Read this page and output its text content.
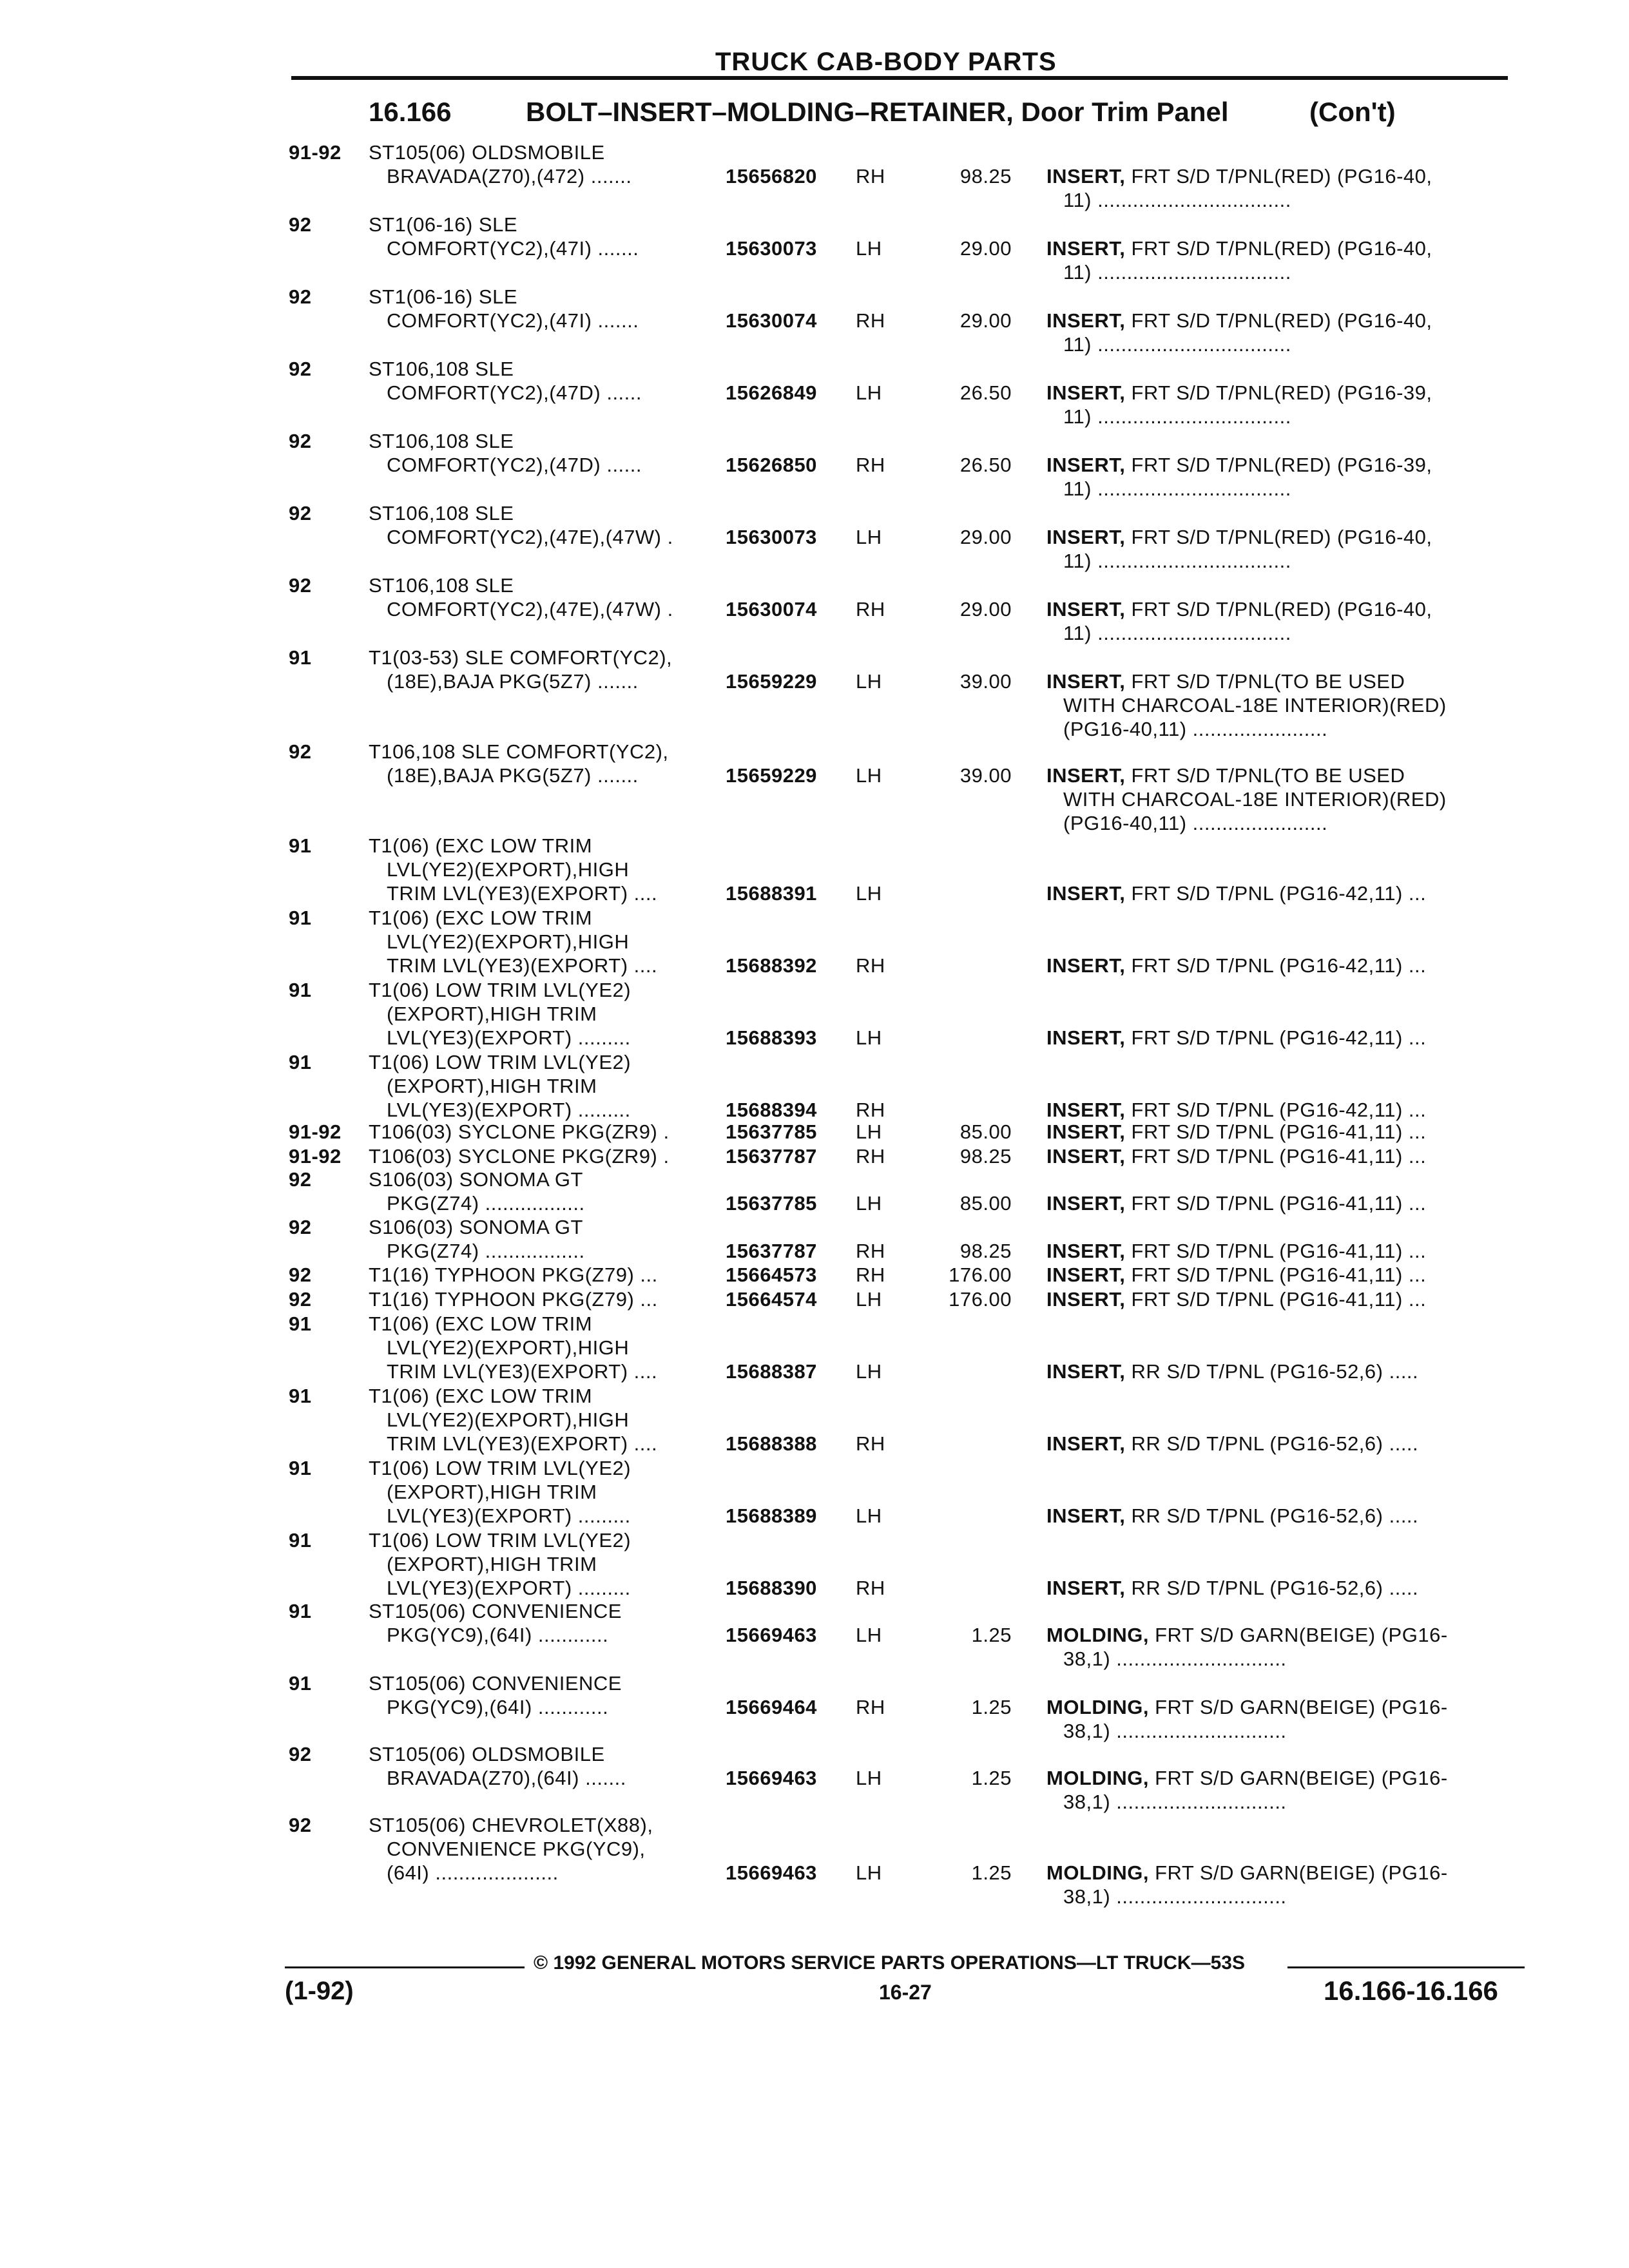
TRUCK CAB-BODY PARTS
16.166	BOLT–INSERT–MOLDING–RETAINER, Door Trim Panel	(Con't)
91-92 ST105(06) OLDSMOBILE
BRAVADA(Z70),(472) .......	15656820 RH	98.25 INSERT, FRT S/D T/PNL(RED) (PG16-40,
11) .................................
92	ST1(06-16) SLE
COMFORT(YC2),(47I) .......	15630073 LH	29.00 INSERT, FRT S/D T/PNL(RED) (PG16-40,
11) .................................
92	ST1(06-16) SLE
COMFORT(YC2),(47I) .......	15630074 RH	29.00 INSERT, FRT S/D T/PNL(RED) (PG16-40,
11) .................................
92	ST106,108 SLE
COMFORT(YC2),(47D) ......	15626849 LH	26.50 INSERT, FRT S/D T/PNL(RED) (PG16-39,
11) .................................
92	ST106,108 SLE
COMFORT(YC2),(47D) ......	15626850 RH	26.50 INSERT, FRT S/D T/PNL(RED) (PG16-39,
11) .................................
92	ST106,108 SLE
COMFORT(YC2),(47E),(47W) .	15630073 LH	29.00 INSERT, FRT S/D T/PNL(RED) (PG16-40,
11) .................................
92	ST106,108 SLE
COMFORT(YC2),(47E),(47W) .	15630074 RH	29.00 INSERT, FRT S/D T/PNL(RED) (PG16-40,
11) .................................
91	T1(03-53) SLE COMFORT(YC2),
(18E),BAJA PKG(5Z7) .......	15659229 LH	39.00 INSERT, FRT S/D T/PNL(TO BE USED
WITH CHARCOAL-18E INTERIOR)(RED)
(PG16-40,11) .......................
92	T106,108 SLE COMFORT(YC2),
(18E),BAJA PKG(5Z7) .......	15659229 LH	39.00 INSERT, FRT S/D T/PNL(TO BE USED
WITH CHARCOAL-18E INTERIOR)(RED)
(PG16-40,11) .......................
91	T1(06) (EXC LOW TRIM
LVL(YE2)(EXPORT),HIGH
TRIM LVL(YE3)(EXPORT) ....	15688391 LH	INSERT, FRT S/D T/PNL (PG16-42,11) ...
91	T1(06) (EXC LOW TRIM
LVL(YE2)(EXPORT),HIGH
TRIM LVL(YE3)(EXPORT) ....	15688392 RH	INSERT, FRT S/D T/PNL (PG16-42,11) ...
91	T1(06) LOW TRIM LVL(YE2)
(EXPORT),HIGH TRIM
LVL(YE3)(EXPORT) .........	15688393 LH	INSERT, FRT S/D T/PNL (PG16-42,11) ...
91	T1(06) LOW TRIM LVL(YE2)
(EXPORT),HIGH TRIM
LVL(YE3)(EXPORT) .........	15688394 RH	INSERT, FRT S/D T/PNL (PG16-42,11) ...
91-92 T106(03) SYCLONE PKG(ZR9) .	15637785 LH	85.00 INSERT, FRT S/D T/PNL (PG16-41,11) ...
91-92 T106(03) SYCLONE PKG(ZR9) .	15637787 RH	98.25 INSERT, FRT S/D T/PNL (PG16-41,11) ...
92	S106(03) SONOMA GT
PKG(Z74) .................	15637785 LH	85.00 INSERT, FRT S/D T/PNL (PG16-41,11) ...
92	S106(03) SONOMA GT
PKG(Z74) .................	15637787 RH	98.25 INSERT, FRT S/D T/PNL (PG16-41,11) ...
92	T1(16) TYPHOON PKG(Z79) ...	15664573 RH	176.00 INSERT, FRT S/D T/PNL (PG16-41,11) ...
92	T1(16) TYPHOON PKG(Z79) ...	15664574 LH	176.00 INSERT, FRT S/D T/PNL (PG16-41,11) ...
91	T1(06) (EXC LOW TRIM
LVL(YE2)(EXPORT),HIGH
TRIM LVL(YE3)(EXPORT) ....	15688387 LH	INSERT, RR S/D T/PNL (PG16-52,6) .....
91	T1(06) (EXC LOW TRIM
LVL(YE2)(EXPORT),HIGH
TRIM LVL(YE3)(EXPORT) ....	15688388 RH	INSERT, RR S/D T/PNL (PG16-52,6) .....
91	T1(06) LOW TRIM LVL(YE2)
(EXPORT),HIGH TRIM
LVL(YE3)(EXPORT) .........	15688389 LH	INSERT, RR S/D T/PNL (PG16-52,6) .....
91	T1(06) LOW TRIM LVL(YE2)
(EXPORT),HIGH TRIM
LVL(YE3)(EXPORT) .........	15688390 RH	INSERT, RR S/D T/PNL (PG16-52,6) .....
91	ST105(06) CONVENIENCE
PKG(YC9),(64I) ............	15669463 LH	1.25 MOLDING, FRT S/D GARN(BEIGE) (PG16-
38,1) .............................
91	ST105(06) CONVENIENCE
PKG(YC9),(64I) ............	15669464 RH	1.25 MOLDING, FRT S/D GARN(BEIGE) (PG16-
38,1) .............................
92	ST105(06) OLDSMOBILE
BRAVADA(Z70),(64I) .......	15669463 LH	1.25 MOLDING, FRT S/D GARN(BEIGE) (PG16-
38,1) .............................
92	ST105(06) CHEVROLET(X88),
CONVENIENCE PKG(YC9),
(64I) .....................	15669463 LH	1.25 MOLDING, FRT S/D GARN(BEIGE) (PG16-
38,1) .............................
© 1992 GENERAL MOTORS SERVICE PARTS OPERATIONS—LT TRUCK—53S
(1-92)	16-27	16.166-16.166
